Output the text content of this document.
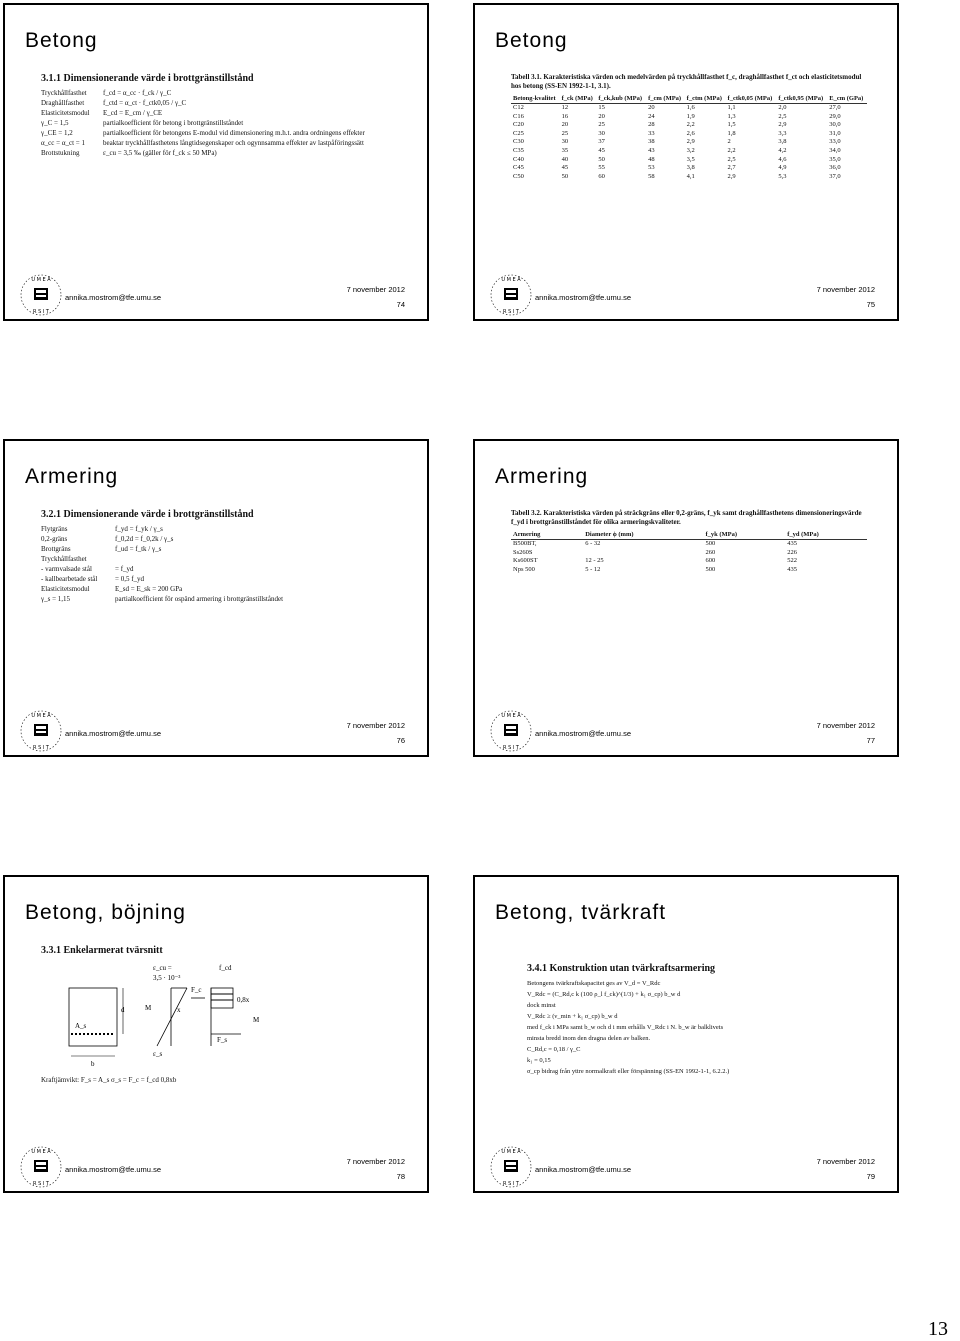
Betong
3.1.1 Dimensionerande värde i brottgränstillstånd
Tryckhållfasthet	f_cd = α_cc · f_ck / γ_C
Draghållfasthet	f_ctd = α_ct · f_ctk0,05 / γ_C
Elasticitetsmodul	E_cd = E_cm / γ_CE
γ_C = 1,5	partialkoefficient för betong i brottgränstillståndet
γ_CE = 1,2	partialkoefficient för betongens E-modul vid dimensionering m.h.t. andra ordningens effekter
α_cc = α_ct = 1	beaktar tryckhållfasthetens långtidsegenskaper och ogynnsamma effekter av lastpåföringssätt
Brottstukning	ε_cu = 3,5 ‰ (gäller för f_ck ≤ 50 MPa)
U M E Å
R S I T
annika.mostrom@tfe.umu.se
7 november 2012
74
Betong
Tabell 3.1. Karakteristiska värden och medelvärden på tryckhållfasthet f_c, draghållfasthet f_ct och elasticitetsmodul hos betong (SS-EN 1992-1-1, 3.1).
Betong-kvalitet	f_ck (MPa)	f_ck,kub (MPa)	f_cm (MPa)	f_ctm (MPa)	f_ctk0,05 (MPa)	f_ctk0,95 (MPa)	E_cm (GPa)
C12	12	15	20	1,6	1,1	2,0	27,0
C16	16	20	24	1,9	1,3	2,5	29,0
C20	20	25	28	2,2	1,5	2,9	30,0
C25	25	30	33	2,6	1,8	3,3	31,0
C30	30	37	38	2,9	2	3,8	33,0
C35	35	45	43	3,2	2,2	4,2	34,0
C40	40	50	48	3,5	2,5	4,6	35,0
C45	45	55	53	3,8	2,7	4,9	36,0
C50	50	60	58	4,1	2,9	5,3	37,0
U M E Å
R S I T
annika.mostrom@tfe.umu.se
7 november 2012
75
Armering
3.2.1 Dimensionerande värde i brottgränstillstånd
Flytgräns	f_yd = f_yk / γ_s
0,2-gräns	f_0,2d = f_0,2k / γ_s
Brottgräns	f_ud = f_tk / γ_s
Tryckhållfasthet
- varmvalsade stål	= f_yd
- kallbearbetade stål	= 0,5 f_yd
Elasticitetsmodul	E_sd = E_sk = 200 GPa
γ_s = 1,15	partialkoefficient för ospänd armering i brottgränstillståndet
U M E Å
R S I T
annika.mostrom@tfe.umu.se
7 november 2012
76
Armering
Tabell 3.2. Karakteristiska värden på sträckgräns eller 0,2-gräns, f_yk samt draghållfasthetens dimensioneringsvärde f_yd i brottgränstillståndet för olika armeringskvaliteter.
Armering	Diameter ϕ (mm)	f_yk (MPa)	f_yd (MPa)
B500BT,	6 - 32	500	435
Ss260S		260	226
Ks600ST	12 - 25	600	522
Nps 500	5 - 12	500	435
U M E Å
R S I T
annika.mostrom@tfe.umu.se
7 november 2012
77
Betong, böjning
3.3.1 Enkelarmerat tvärsnitt
ε_cu =
3,5 · 10⁻³
f_cd
F_c
x
d	M
F_s
ε_s
A_s
b
0,8x
M
Kraftjämvikt: F_s = A_s σ_s = F_c = f_cd 0,8xb
U M E Å
R S I T
annika.mostrom@tfe.umu.se
7 november 2012
78
Betong, tvärkraft
3.4.1 Konstruktion utan tvärkraftsarmering
Betongens tvärkraftskapacitet ges av V_d = V_Rdc
V_Rdc = (C_Rd,c k (100 ρ_l f_ck)^(1/3) + k₁ σ_cp) b_w d
dock minst
V_Rdc ≥ (ν_min + k₁ σ_cp) b_w d
med f_ck i MPa samt b_w och d i mm erhålls V_Rdc i N. b_w är balklivets
minsta bredd inom den dragna delen av balken.
C_Rd,c = 0,18 / γ_C
k₁ = 0,15
σ_cp bidrag från yttre normalkraft eller förspänning (SS-EN 1992-1-1, 6.2.2.)
U M E Å
R S I T
annika.mostrom@tfe.umu.se
7 november 2012
79
13
